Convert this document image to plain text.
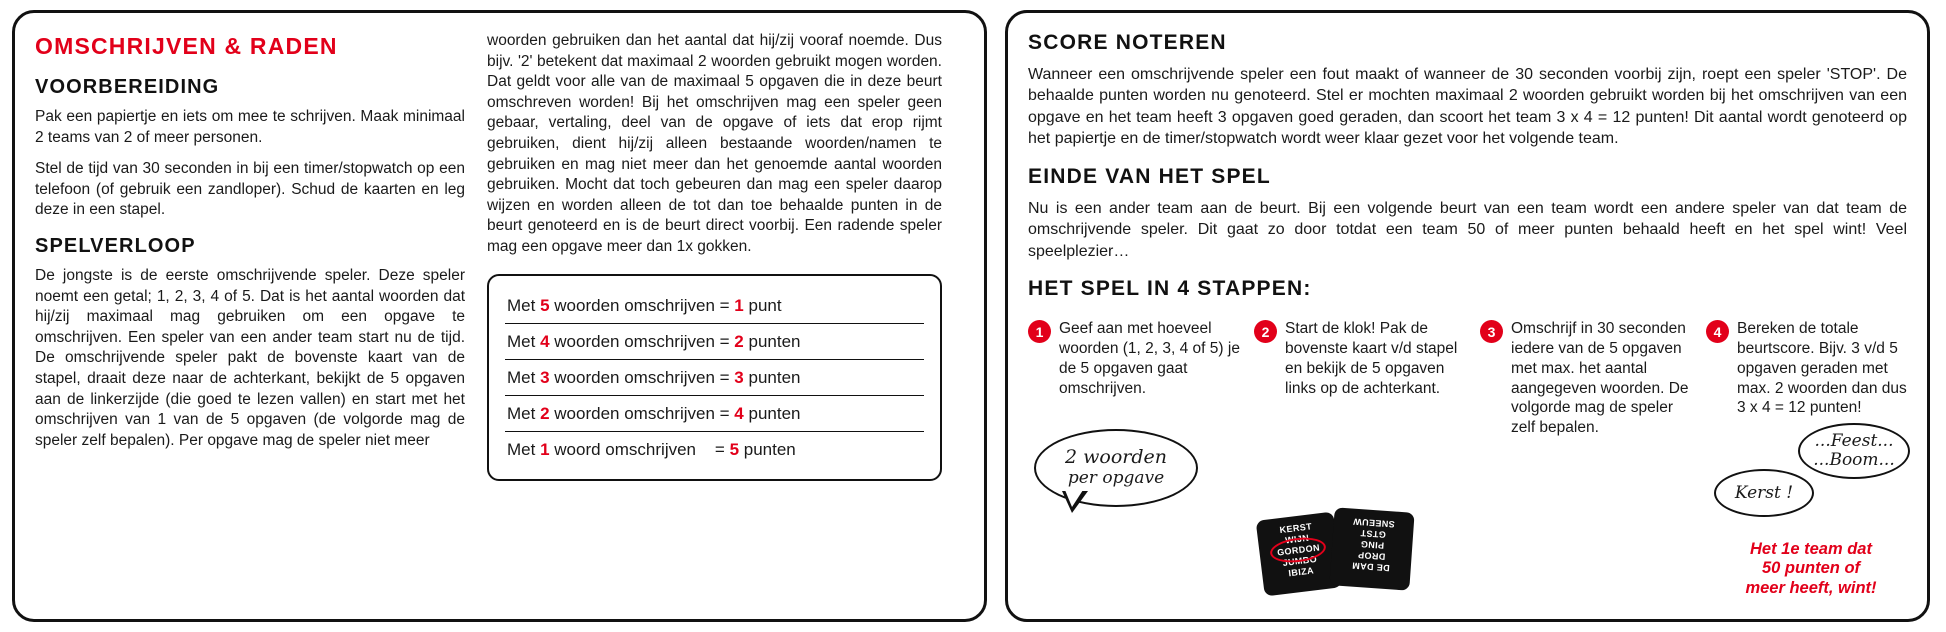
OMSCHRIJVEN & RADEN
VOORBEREIDING

Pak een papiertje en iets om mee te schrijven. Maak minimaal 2 teams van 2 of meer personen.

Stel de tijd van 30 seconden in bij een timer/stopwatch op een telefoon (of gebruik een zandloper). Schud de kaarten en leg deze in een stapel.

SPELVERLOOP

De jongste is de eerste omschrijvende speler. Deze speler noemt een getal; 1, 2, 3, 4 of 5. Dat is het aantal woorden dat hij/zij maximaal mag gebruiken om een opgave te omschrijven. Een speler van een ander team start nu de tijd. De omschrijvende speler pakt de bovenste kaart van de stapel, draait deze naar de achterkant, bekijkt de 5 opgaven aan de linkerzijde (die goed te lezen vallen) en start met het omschrijven van 1 van de 5 opgaven (de volgorde mag de speler zelf bepalen). Per opgave mag de speler niet meer

woorden gebruiken dan het aantal dat hij/zij vooraf noemde. Dus bijv. '2' betekent dat maximaal 2 woorden gebruikt mogen worden. Dat geldt voor alle van de maximaal 5 opgaven die in deze beurt omschreven worden! Bij het omschrijven mag een speler geen gebaar, vertaling, deel van de opgave of iets dat erop rijmt gebruiken, dient hij/zij alleen bestaande woorden/namen te gebruiken en mag niet meer dan het genoemde aantal woorden gebruiken. Mocht dat toch gebeuren dan mag een speler daarop wijzen en worden alleen de tot dan toe behaalde punten in de beurt genoteerd en is de beurt direct voorbij. Een radende speler mag een opgave meer dan 1x gokken.

Met
5
woorden omschrijven =
1
punt
Met
4
woorden omschrijven =
2
punten
Met
3
woorden omschrijven =
3
punten
Met
2
woorden omschrijven =
4
punten
Met
1
woord omschrijven    =
5
punten
SCORE NOTEREN

Wanneer een omschrijvende speler een fout maakt of wanneer de 30 seconden voorbij zijn, roept een speler 'STOP'. De behaalde punten worden nu genoteerd. Stel er mochten maximaal 2 woorden gebruikt worden bij het omschrijven van een opgave en het team heeft 3 opgaven goed geraden, dan scoort het team 3 x 4 = 12 punten! Dit aantal wordt genoteerd op het papiertje en de timer/stopwatch wordt weer klaar gezet voor het volgende team.

EINDE VAN HET SPEL

Nu is een ander team aan de beurt. Bij een volgende beurt van een team wordt een andere speler van dat team de omschrijvende speler. Dit gaat zo door totdat een team 50 of meer punten behaald heeft en het spel wint! Veel speelplezier…

HET SPEL IN 4 STAPPEN:
1	Geef aan met hoeveel woorden (1, 2, 3, 4 of 5) je de 5 opgaven gaat omschrijven.
2 woorden
per opgave
2	Start de klok! Pak de bovenste kaart v/d stapel en bekijk de 5 opgaven links op de achterkant.
KERST
WIJN
GORDON
JUMBO
IBIZA	DE DAM
DROP
PING
GTST
SNEEUW
3	Omschrijf in 30 seconden iedere van de 5 opgaven met max. het aantal aangegeven woorden. De volgorde mag de speler zelf bepalen.
4	Bereken de totale beurtscore. Bijv. 3 v/d 5 opgaven geraden met max. 2 woorden dan dus 3 x 4 = 12 punten!
...Feest...
...Boom...
Kerst !
Het 1e team dat
50 punten of
meer heeft, wint!
